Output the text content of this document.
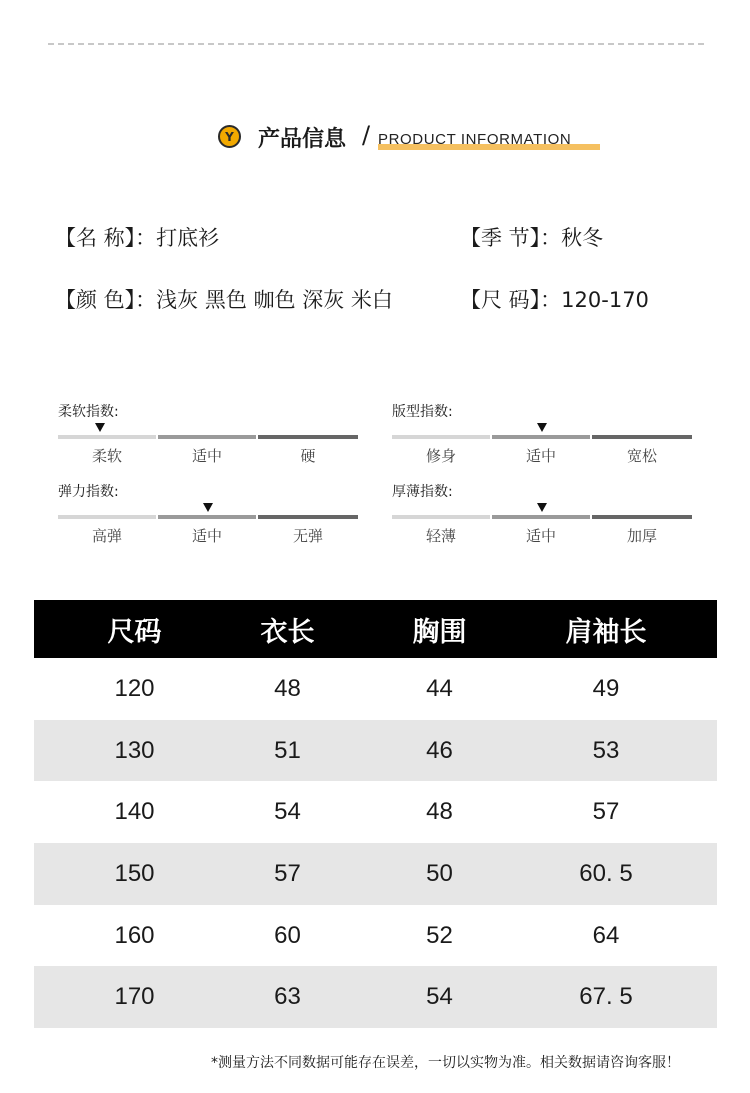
Y	产品信息 / PRODUCT INFORMATION
【名 称】：打底衫	【季 节】：秋冬
【颜 色】：浅灰 黑色 咖色 深灰 米白	【尺 码】：120-170
柔软指数:
柔软	适中	硬
版型指数:
修身	适中	宽松
弹力指数:
高弹	适中	无弹
厚薄指数:
轻薄	适中	加厚
尺码	衣长	胸围	肩袖长
120	48	44	49
130	51	46	53
140	54	48	57
150	57	50	60. 5
160	60	52	64
170	63	54	67. 5
*测量方法不同数据可能存在误差，一切以实物为准。相关数据请咨询客服！
